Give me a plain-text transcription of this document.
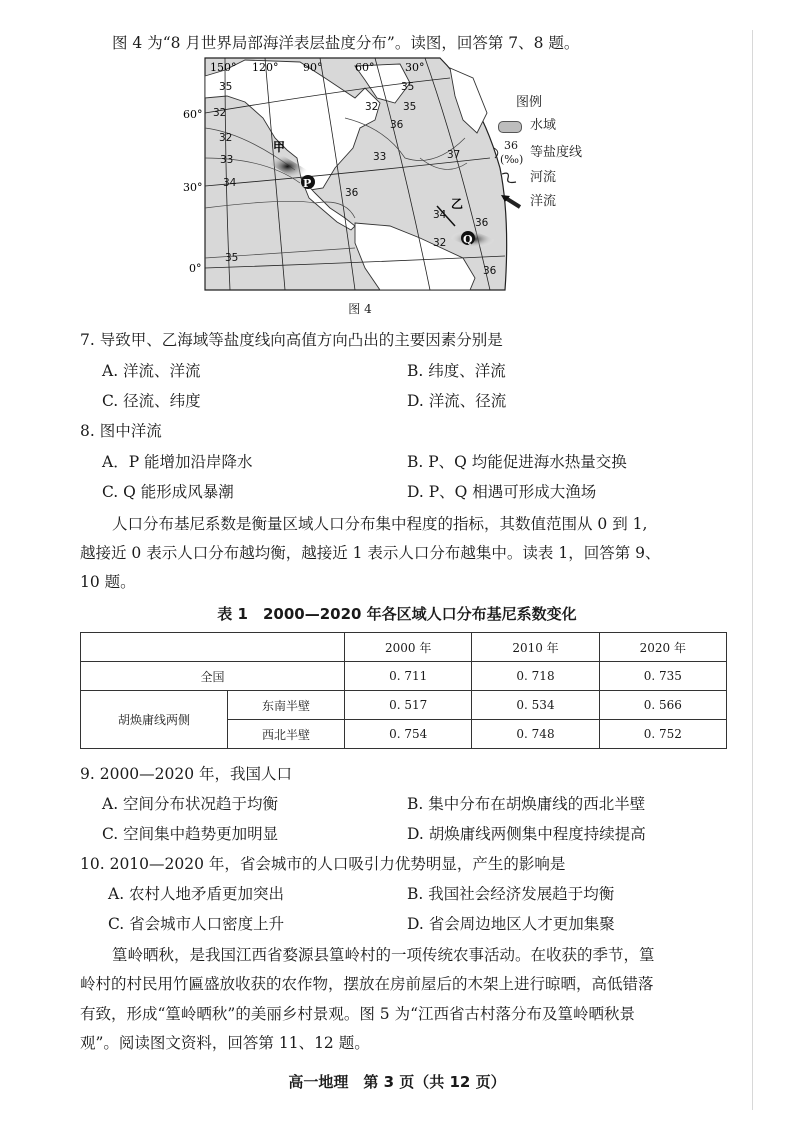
图 4 为“8 月世界局部海洋表层盐度分布”。读图，回答第 7、8 题。
150° 120° 90°	60°	30°
60°
30°
0°
35
32
32
33
34
35
32
33
35
36
37
34
36
32
36
35
36
甲
P
乙
Q
图例
水域
36
(‰) 等盐度线
河流
洋流
图 4
7. 导致甲、乙海域等盐度线向高值方向凸出的主要因素分别是
A. 洋流、洋流	B. 纬度、洋流
C. 径流、纬度	D. 洋流、径流
8. 图中洋流
A．P 能增加沿岸降水	B. P、Q 均能促进海水热量交换
C. Q 能形成风暴潮	D. P、Q 相遇可形成大渔场
人口分布基尼系数是衡量区域人口分布集中程度的指标，其数值范围从 0 到 1,
越接近 0 表示人口分布越均衡，越接近 1 表示人口分布越集中。读表 1，回答第 9、
10 题。
表 1　2000—2020 年各区域人口分布基尼系数变化
		2000 年	2010 年	2020 年
全国		0. 711	0. 718	0. 735
胡焕庸线两侧	东南半壁	0. 517	0. 534	0. 566
	西北半壁	0. 754	0. 748	0. 752
9. 2000—2020 年，我国人口
A. 空间分布状况趋于均衡	B. 集中分布在胡焕庸线的西北半壁
C. 空间集中趋势更加明显	D. 胡焕庸线两侧集中程度持续提高
10. 2010—2020 年，省会城市的人口吸引力优势明显，产生的影响是
A. 农村人地矛盾更加突出	B. 我国社会经济发展趋于均衡
C. 省会城市人口密度上升	D. 省会周边地区人才更加集聚
篁岭晒秋，是我国江西省婺源县篁岭村的一项传统农事活动。在收获的季节，篁
岭村的村民用竹匾盛放收获的农作物，摆放在房前屋后的木架上进行晾晒，高低错落
有致，形成“篁岭晒秋”的美丽乡村景观。图 5 为“江西省古村落分布及篁岭晒秋景
观”。阅读图文资料，回答第 11、12 题。
高一地理　第 3 页（共 12 页）
